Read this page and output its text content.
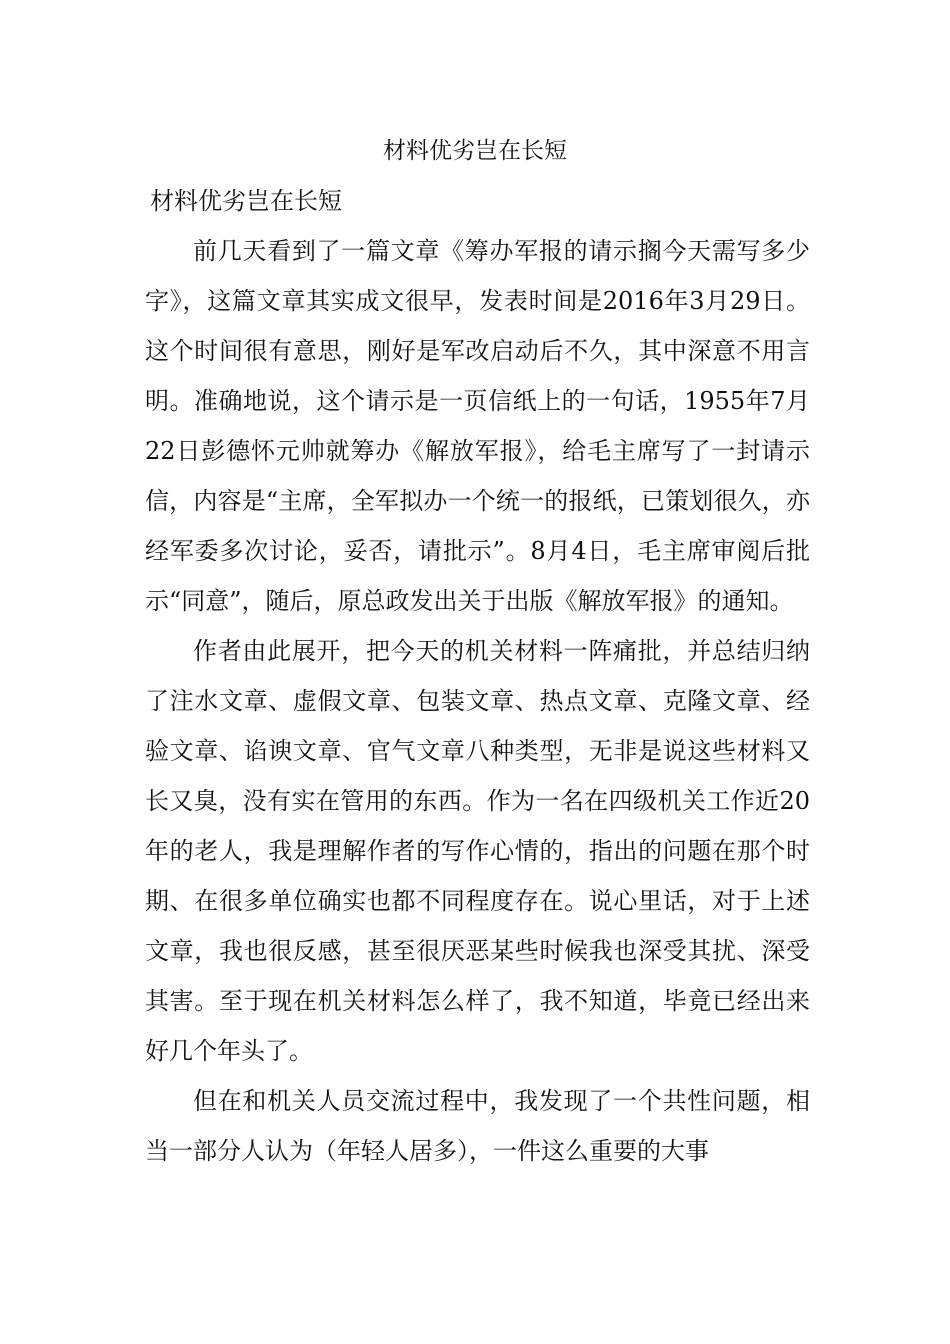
材料优劣岂在长短
材料优劣岂在长短

前几天看到了一篇文章《筹办军报的请示搁今天需写多少字》，这篇文章其实成文很早，发表时间是2016年3月29日。这个时间很有意思，刚好是军改启动后不久，其中深意不用言明。准确地说，这个请示是一页信纸上的一句话，1955年7月22日彭德怀元帅就筹办《解放军报》，给毛主席写了一封请示信，内容是“主席，全军拟办一个统一的报纸，已策划很久，亦经军委多次讨论，妥否，请批示”。8月4日，毛主席审阅后批示“同意”，随后，原总政发出关于出版《解放军报》的通知。

作者由此展开，把今天的机关材料一阵痛批，并总结归纳了注水文章、虚假文章、包装文章、热点文章、克隆文章、经验文章、谄谀文章、官气文章八种类型，无非是说这些材料又长又臭，没有实在管用的东西。作为一名在四级机关工作近20年的老人，我是理解作者的写作心情的，指出的问题在那个时期、在很多单位确实也都不同程度存在。说心里话，对于上述文章，我也很反感，甚至很厌恶某些时候我也深受其扰、深受其害。至于现在机关材料怎么样了，我不知道，毕竟已经出来好几个年头了。

但在和机关人员交流过程中，我发现了一个共性问题，相当一部分人认为（年轻人居多），一件这么重要的大事
